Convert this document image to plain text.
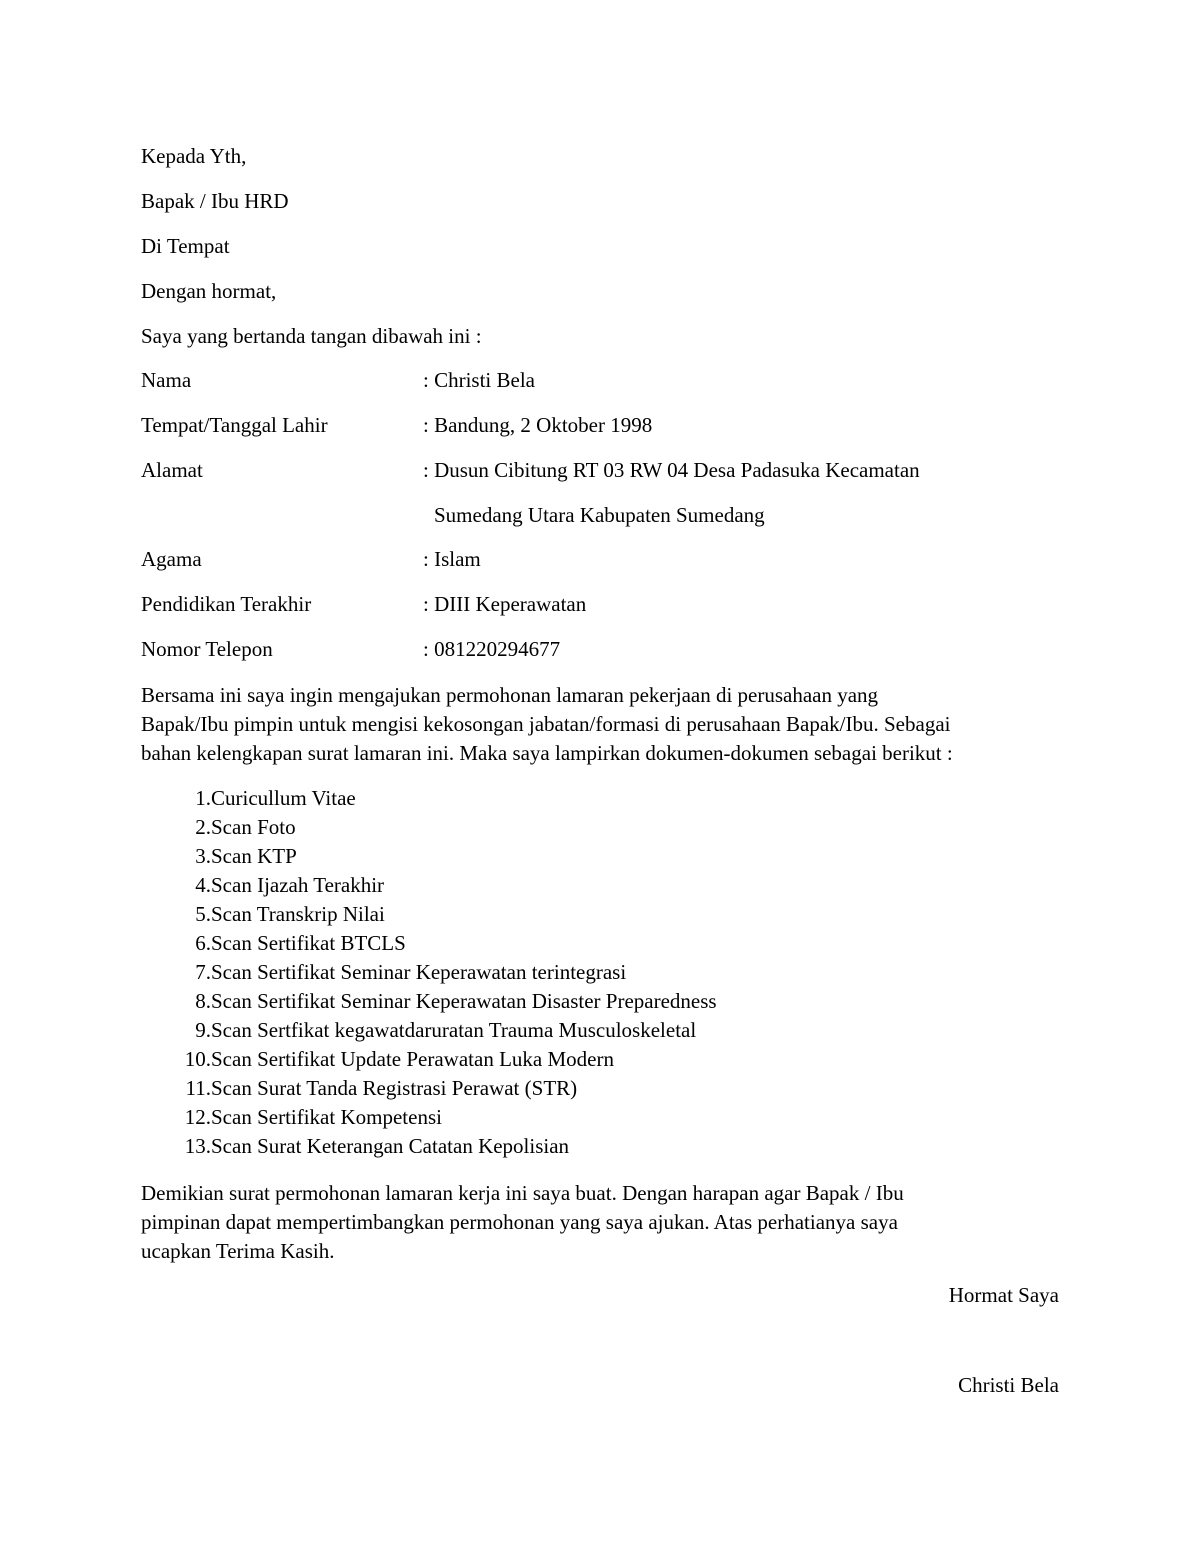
Kepada Yth,
Bapak / Ibu HRD
Di Tempat
Dengan hormat,
Saya yang bertanda tangan dibawah ini :
Nama	: Christi Bela
Tempat/Tanggal Lahir	: Bandung, 2 Oktober 1998
Alamat	: Dusun Cibitung RT 03 RW 04 Desa Padasuka Kecamatan
Sumedang Utara Kabupaten Sumedang
Agama	: Islam
Pendidikan Terakhir	: DIII Keperawatan
Nomor Telepon	: 081220294677
Bersama ini saya ingin mengajukan permohonan lamaran pekerjaan di perusahaan yang
Bapak/Ibu pimpin untuk mengisi kekosongan jabatan/formasi di perusahaan Bapak/Ibu. Sebagai
bahan kelengkapan surat lamaran ini. Maka saya lampirkan dokumen-dokumen sebagai berikut :
1. Curicullum Vitae
2. Scan Foto
3. Scan KTP
4. Scan Ijazah Terakhir
5. Scan Transkrip Nilai
6. Scan Sertifikat BTCLS
7. Scan Sertifikat Seminar Keperawatan terintegrasi
8. Scan Sertifikat Seminar Keperawatan Disaster Preparedness
9. Scan Sertfikat kegawatdaruratan Trauma Musculoskeletal
10. Scan Sertifikat Update Perawatan Luka Modern
11. Scan Surat Tanda Registrasi Perawat (STR)
12. Scan Sertifikat Kompetensi
13. Scan Surat Keterangan Catatan Kepolisian
Demikian surat permohonan lamaran kerja ini saya buat. Dengan harapan agar Bapak / Ibu
pimpinan dapat mempertimbangkan permohonan yang saya ajukan. Atas perhatianya saya
ucapkan Terima Kasih.
Hormat Saya
Christi Bela
